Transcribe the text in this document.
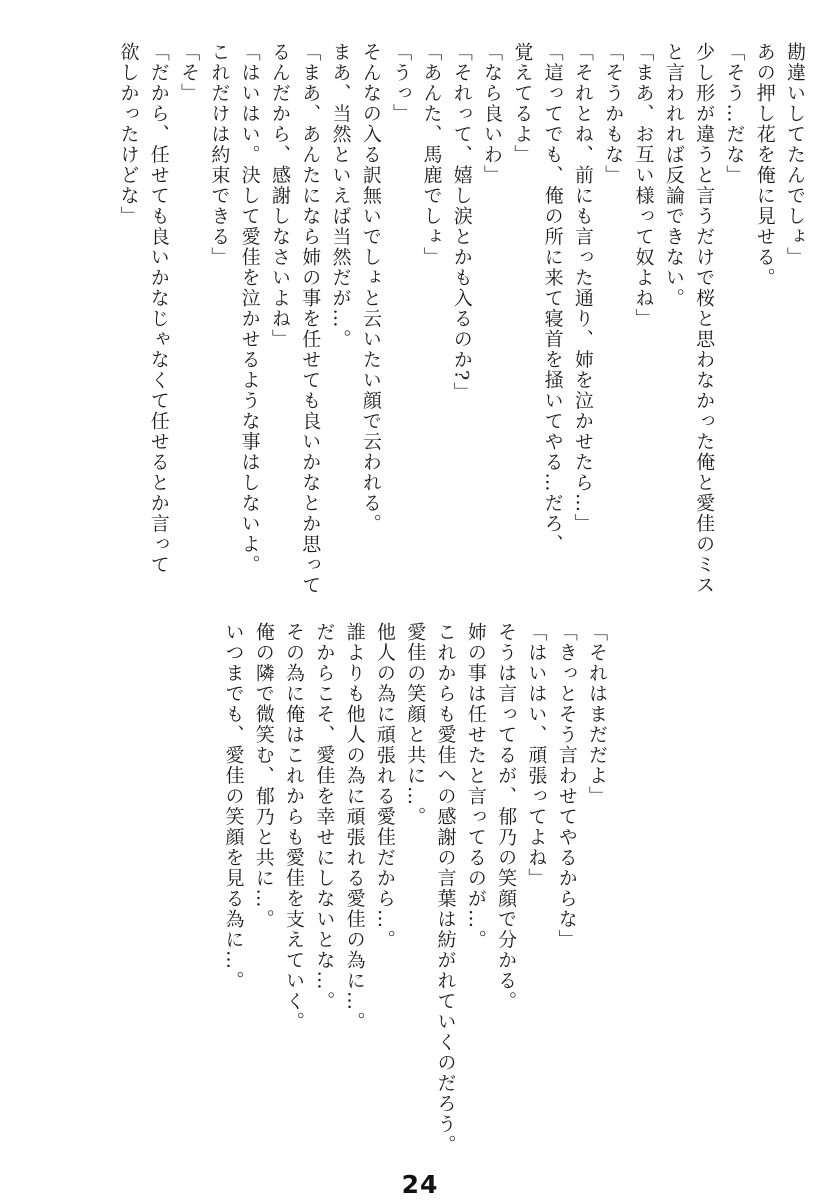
勘違いしてたんでしょ」
あの押し花を俺に見せる。
「そう…だな」
少し形が違うと言うだけで桜と思わなかった俺と愛佳のミス
と言われれば反論できない。
「まあ、お互い様って奴よね」
「そうかもな」
「それとね、前にも言った通り、姉を泣かせたら…」
「這ってでも、俺の所に来て寝首を掻いてやる…だろ、
覚えてるよ」
「なら良いわ」
「それって、嬉し涙とかも入るのか?」
「あんた、馬鹿でしょ」
「うっ」
そんなの入る訳無いでしょと云いたい顔で云われる。
まあ、当然といえば当然だが…。
「まあ、あんたになら姉の事を任せても良いかなとか思って
るんだから、感謝しなさいよね」
「はいはい。決して愛佳を泣かせるような事はしないよ。
これだけは約束できる」
「そ」
「だから、任せても良いかなじゃなくて任せるとか言って
欲しかったけどな」
「それはまだだよ」
「きっとそう言わせてやるからな」
「はいはい、頑張ってよね」
そうは言ってるが、郁乃の笑顔で分かる。
姉の事は任せたと言ってるのが…。
これからも愛佳への感謝の言葉は紡がれていくのだろう。
愛佳の笑顔と共に…。
他人の為に頑張れる愛佳だから…。
誰よりも他人の為に頑張れる愛佳の為に…。
だからこそ、愛佳を幸せにしないとな…。
その為に俺はこれからも愛佳を支えていく。
俺の隣で微笑む、郁乃と共に…。
いつまでも、愛佳の笑顔を見る為に…。
24
